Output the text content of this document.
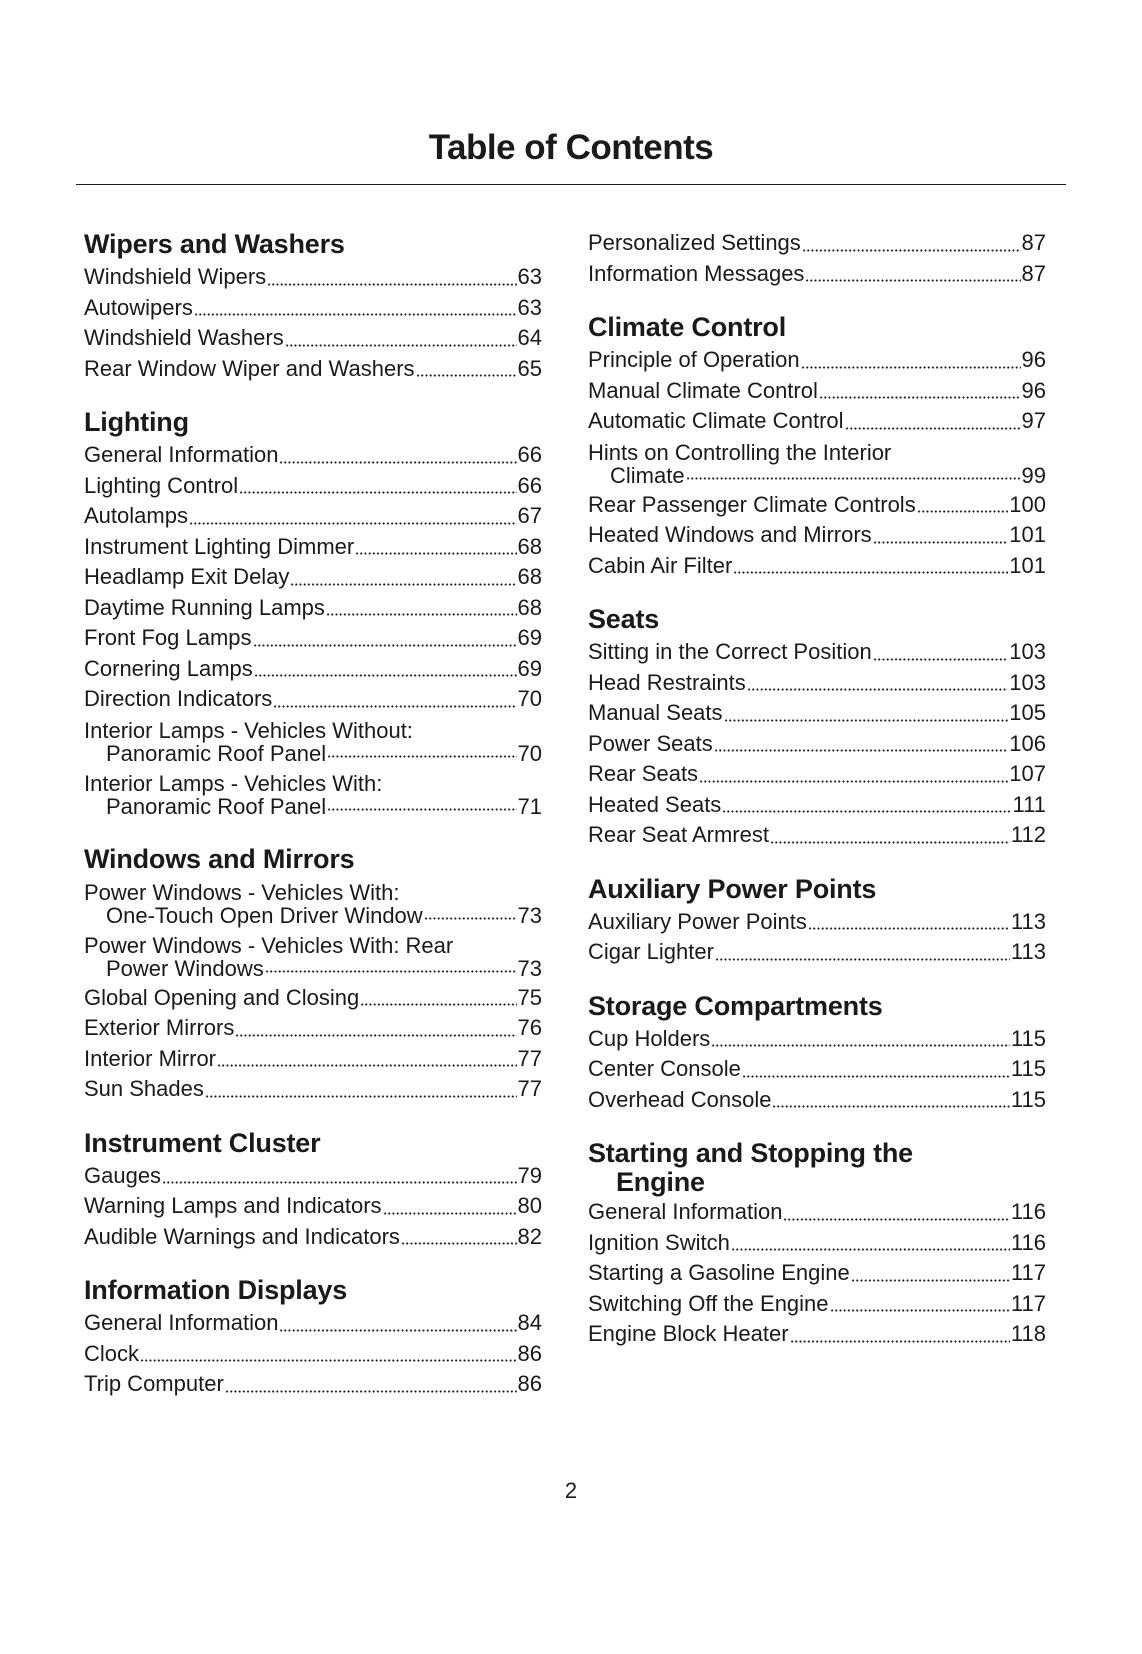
Table of Contents
Wipers and Washers
Windshield Wipers	63
Autowipers	63
Windshield Washers	64
Rear Window Wiper and Washers	65
Lighting
General Information	66
Lighting Control	66
Autolamps	67
Instrument Lighting Dimmer	68
Headlamp Exit Delay	68
Daytime Running Lamps	68
Front Fog Lamps	69
Cornering Lamps	69
Direction Indicators	70
Interior Lamps - Vehicles Without:
Panoramic Roof Panel	70
Interior Lamps - Vehicles With:
Panoramic Roof Panel	71
Windows and Mirrors
Power Windows - Vehicles With:
One-Touch Open Driver Window	73
Power Windows - Vehicles With: Rear
Power Windows	73
Global Opening and Closing	75
Exterior Mirrors	76
Interior Mirror	77
Sun Shades	77
Instrument Cluster
Gauges	79
Warning Lamps and Indicators	80
Audible Warnings and Indicators	82
Information Displays
General Information	84
Clock	86
Trip Computer	86
Personalized Settings	87
Information Messages	87
Climate Control
Principle of Operation	96
Manual Climate Control	96
Automatic Climate Control	97
Hints on Controlling the Interior
Climate	99
Rear Passenger Climate Controls	100
Heated Windows and Mirrors	101
Cabin Air Filter	101
Seats
Sitting in the Correct Position	103
Head Restraints	103
Manual Seats	105
Power Seats	106
Rear Seats	107
Heated Seats	111
Rear Seat Armrest	112
Auxiliary Power Points
Auxiliary Power Points	113
Cigar Lighter	113
Storage Compartments
Cup Holders	115
Center Console	115
Overhead Console	115
Starting and Stopping the
Engine
General Information	116
Ignition Switch	116
Starting a Gasoline Engine	117
Switching Off the Engine	117
Engine Block Heater	118
2
